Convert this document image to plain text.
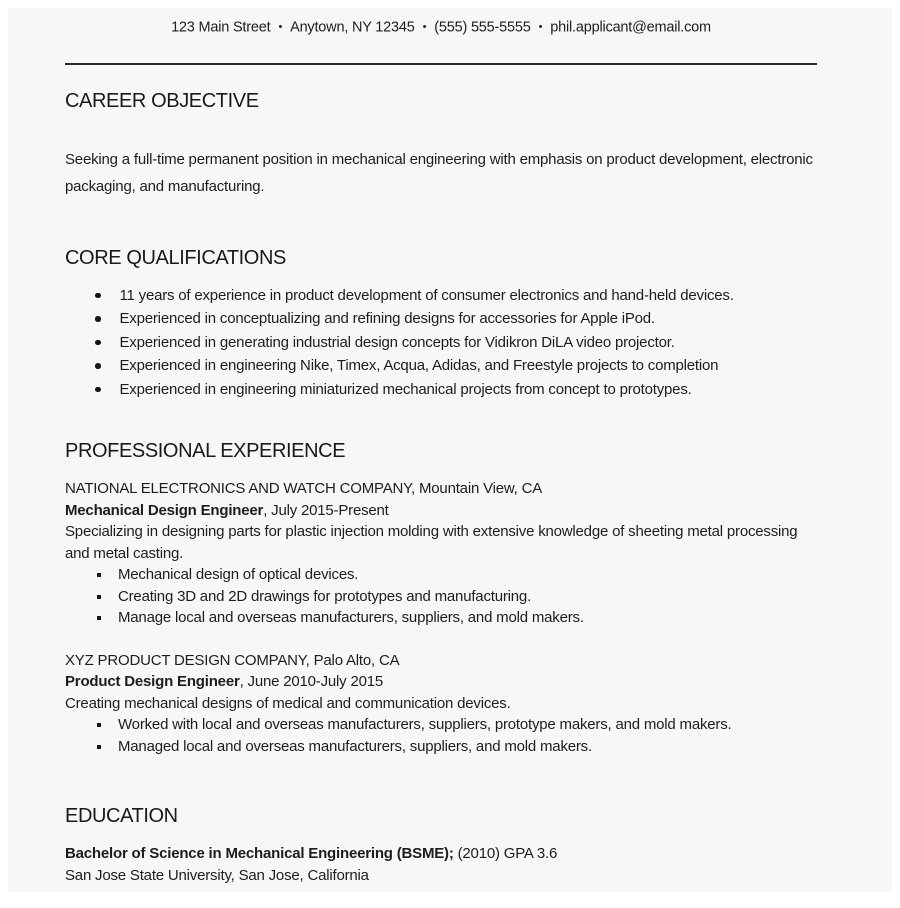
123 Main Street • Anytown, NY 12345 • (555) 555-5555 • phil.applicant@email.com
CAREER OBJECTIVE

Seeking a full-time permanent position in mechanical engineering with emphasis on product development, electronic packaging, and manufacturing.

CORE QUALIFICATIONS
11 years of experience in product development of consumer electronics and hand-held devices.
Experienced in conceptualizing and refining designs for accessories for Apple iPod.
Experienced in generating industrial design concepts for Vidikron DiLA video projector.
Experienced in engineering Nike, Timex, Acqua, Adidas, and Freestyle projects to completion
Experienced in engineering miniaturized mechanical projects from concept to prototypes.
PROFESSIONAL EXPERIENCE
NATIONAL ELECTRONICS AND WATCH COMPANY, Mountain View, CA
Mechanical Design Engineer, July 2015-Present

Specializing in designing parts for plastic injection molding with extensive knowledge of sheeting metal processing and metal casting.

Mechanical design of optical devices.
Creating 3D and 2D drawings for prototypes and manufacturing.
Manage local and overseas manufacturers, suppliers, and mold makers.
XYZ PRODUCT DESIGN COMPANY, Palo Alto, CA
Product Design Engineer, June 2010-July 2015

Creating mechanical designs of medical and communication devices.

Worked with local and overseas manufacturers, suppliers, prototype makers, and mold makers.
Managed local and overseas manufacturers, suppliers, and mold makers.
EDUCATION
Bachelor of Science in Mechanical Engineering (BSME); (2010) GPA 3.6
San Jose State University, San Jose, California
